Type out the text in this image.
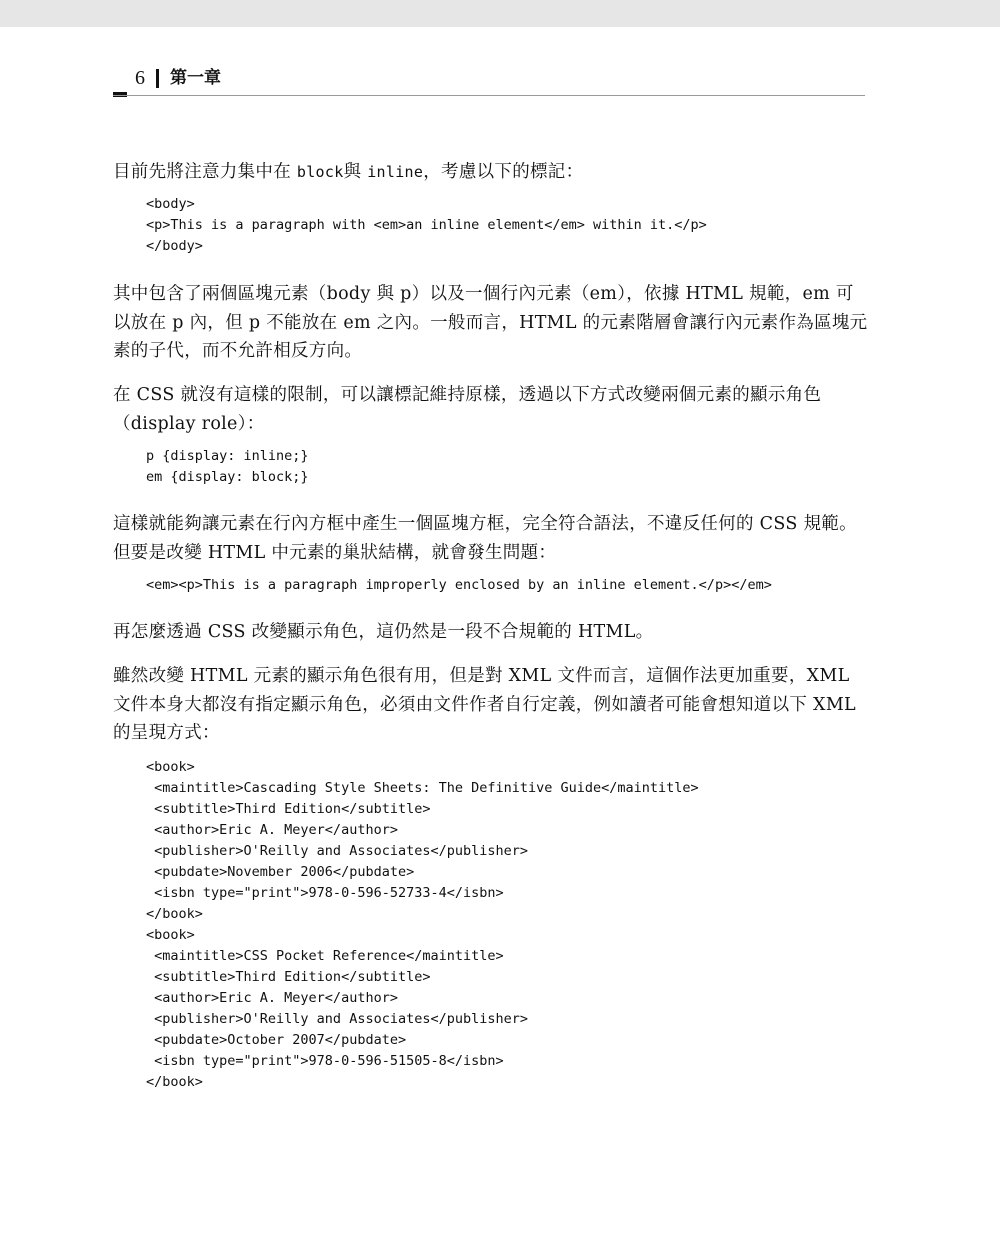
6 第一章

目前先將注意力集中在 block與 inline，考慮以下的標記：

<body>
<p>This is a paragraph with <em>an inline element</em> within it.</p>
</body>

其中包含了兩個區塊元素（body 與 p）以及一個行內元素（em），依據 HTML 規範，em 可以放在 p 內，但 p 不能放在 em 之內。一般而言，HTML 的元素階層會讓行內元素作為區塊元素的子代，而不允許相反方向。

在 CSS 就沒有這樣的限制，可以讓標記維持原樣，透過以下方式改變兩個元素的顯示角色（display role）：

p {display: inline;}
em {display: block;}

這樣就能夠讓元素在行內方框中產生一個區塊方框，完全符合語法，不違反任何的 CSS 規範。但要是改變 HTML 中元素的巢狀結構，就會發生問題：

<em><p>This is a paragraph improperly enclosed by an inline element.</p></em>

再怎麼透過 CSS 改變顯示角色，這仍然是一段不合規範的 HTML。

雖然改變 HTML 元素的顯示角色很有用，但是對 XML 文件而言，這個作法更加重要，XML 文件本身大都沒有指定顯示角色，必須由文件作者自行定義，例如讀者可能會想知道以下 XML 的呈現方式：

<book>
<maintitle>Cascading Style Sheets: The Definitive Guide</maintitle>
<subtitle>Third Edition</subtitle>
<author>Eric A. Meyer</author>
<publisher>O'Reilly and Associates</publisher>
<pubdate>November 2006</pubdate>
<isbn type="print">978-0-596-52733-4</isbn>
</book>
<book>
<maintitle>CSS Pocket Reference</maintitle>
<subtitle>Third Edition</subtitle>
<author>Eric A. Meyer</author>
<publisher>O'Reilly and Associates</publisher>
<pubdate>October 2007</pubdate>
<isbn type="print">978-0-596-51505-8</isbn>
</book>
